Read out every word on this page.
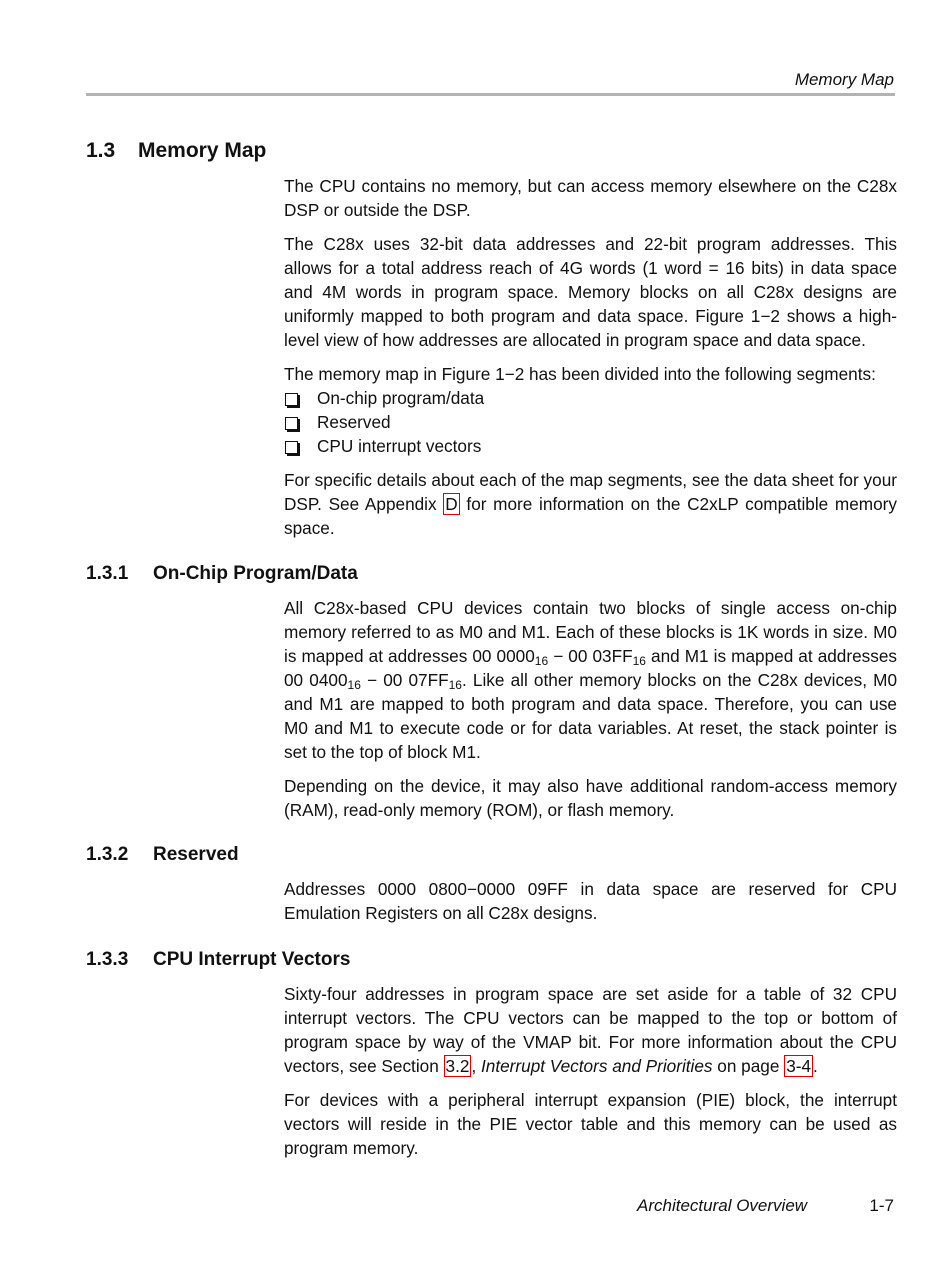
Memory Map
1.3 Memory Map

The CPU contains no memory, but can access memory elsewhere on the C28x DSP or outside the DSP.

The C28x uses 32-bit data addresses and 22-bit program addresses. This allows for a total address reach of 4G words (1 word = 16 bits) in data space and 4M words in program space. Memory blocks on all C28x designs are uniformly mapped to both program and data space. Figure 1−2 shows a high-level view of how addresses are allocated in program space and data space.

The memory map in Figure 1−2 has been divided into the following segments:

On-chip program/data
Reserved
CPU interrupt vectors

For specific details about each of the map segments, see the data sheet for your DSP. See Appendix D for more information on the C2xLP compatible memory space.

1.3.1 On-Chip Program/Data

All C28x-based CPU devices contain two blocks of single access on-chip memory referred to as M0 and M1. Each of these blocks is 1K words in size. M0 is mapped at addresses 00 $0000_{16} - 00$ $03FF_{16}$ and M1 is mapped at addresses 00 $0400_{16} - 00$ $07FF_{16}$. Like all other memory blocks on the C28x devices, M0 and M1 are mapped to both program and data space. Therefore, you can use M0 and M1 to execute code or for data variables. At reset, the stack pointer is set to the top of block M1.

Depending on the device, it may also have additional random-access memory (RAM), read-only memory (ROM), or flash memory.

1.3.2 Reserved

Addresses 0000 0800−0000 09FF in data space are reserved for CPU Emulation Registers on all C28x designs.

1.3.3 CPU Interrupt Vectors

Sixty-four addresses in program space are set aside for a table of 32 CPU interrupt vectors. The CPU vectors can be mapped to the top or bottom of program space by way of the VMAP bit. For more information about the CPU vectors, see Section 3.2 , Interrupt Vectors and Priorities on page 3-4 .

For devices with a peripheral interrupt expansion (PIE) block, the interrupt vectors will reside in the PIE vector table and this memory can be used as program memory.

Architectural Overview	1-7
